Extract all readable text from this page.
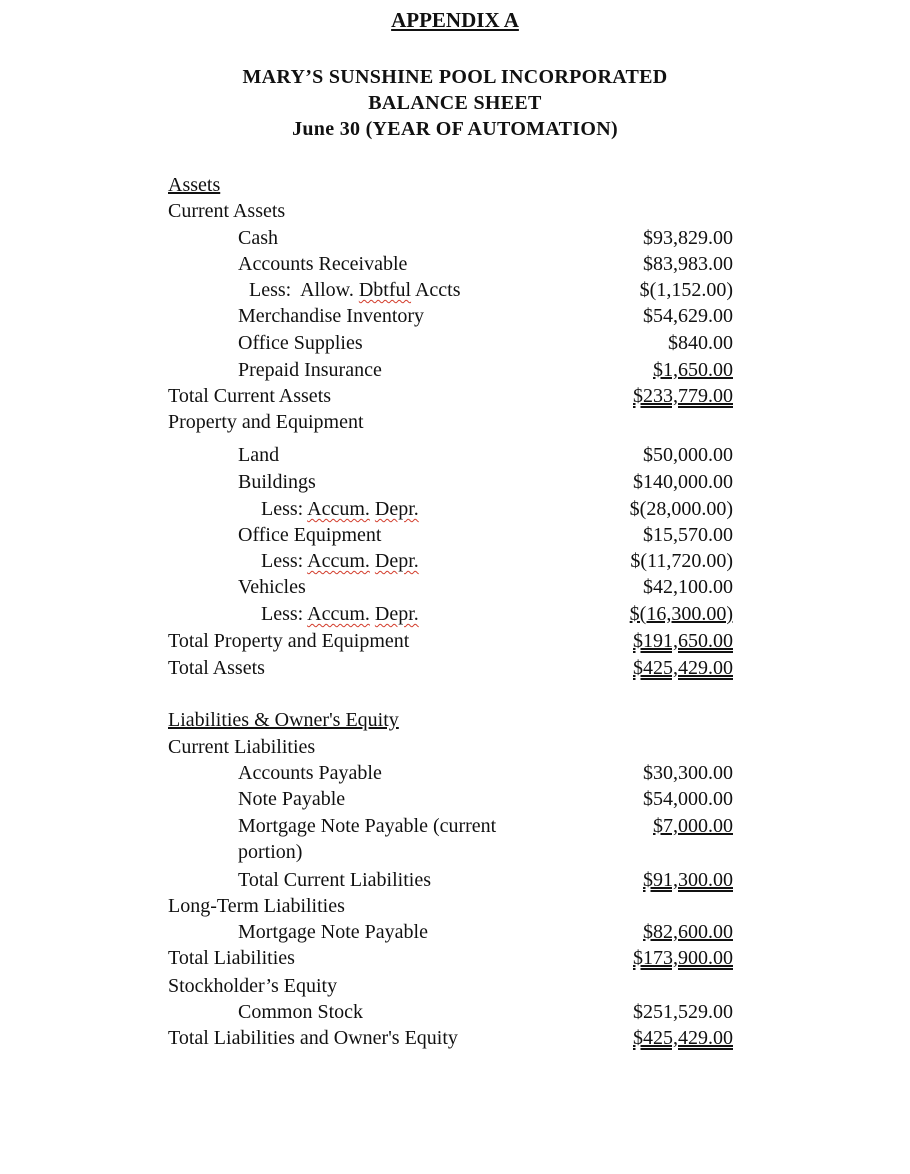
APPENDIX A
MARY’S SUNSHINE POOL INCORPORATED
BALANCE SHEET
June 30 (YEAR OF AUTOMATION)
Assets
Current Assets
Cash	$93,829.00
Accounts Receivable	$83,983.00
Less:  Allow. Dbtful Accts	$(1,152.00)
Merchandise Inventory	$54,629.00
Office Supplies	$840.00
Prepaid Insurance	$1,650.00
Total Current Assets	$233,779.00
Property and Equipment
Land	$50,000.00
Buildings	$140,000.00
Less: Accum. Depr.	$(28,000.00)
Office Equipment	$15,570.00
Less: Accum. Depr.	$(11,720.00)
Vehicles	$42,100.00
Less: Accum. Depr.	$(16,300.00)
Total Property and Equipment	$191,650.00
Total Assets	$425,429.00
Liabilities & Owner's Equity
Current Liabilities
Accounts Payable	$30,300.00
Note Payable	$54,000.00
Mortgage Note Payable (current	$7,000.00
portion)
Total Current Liabilities	$91,300.00
Long-Term Liabilities
Mortgage Note Payable	$82,600.00
Total Liabilities	$173,900.00
Stockholder’s Equity
Common Stock	$251,529.00
Total Liabilities and Owner's Equity	$425,429.00
